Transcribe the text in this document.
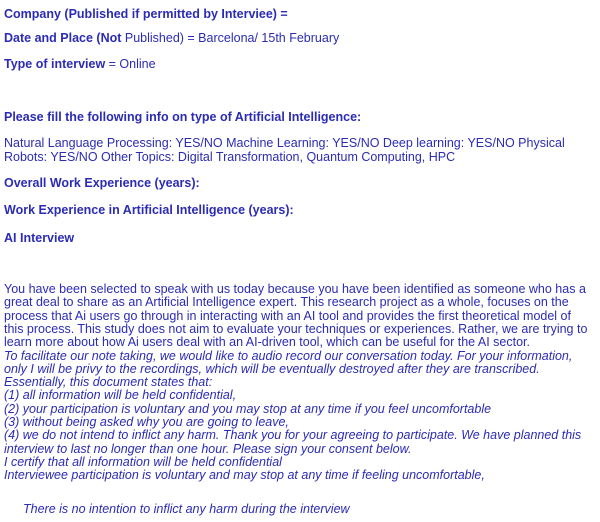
Company (Published if permitted by Interviee) =
Date and Place (Not Published) = Barcelona/ 15th February
Type of interview = Online
Please fill the following info on type of Artificial Intelligence:
Natural Language Processing: YES/NO Machine Learning: YES/NO Deep learning: YES/NO Physical
Robots: YES/NO Other Topics: Digital Transformation, Quantum Computing, HPC
Overall Work Experience (years):
Work Experience in Artificial Intelligence (years):
AI Interview
You have been selected to speak with us today because you have been identified as someone who has a
great deal to share as an Artificial Intelligence expert. This research project as a whole, focuses on the
process that Ai users go through in interacting with an AI tool and provides the first theoretical model of
this process. This study does not aim to evaluate your techniques or experiences. Rather, we are trying to
learn more about how Ai users deal with an AI-driven tool, which can be useful for the AI sector.
To facilitate our note taking, we would like to audio record our conversation today. For your information,
only I will be privy to the recordings, which will be eventually destroyed after they are transcribed.
Essentially, this document states that:
(1) all information will be held confidential,
(2) your participation is voluntary and you may stop at any time if you feel uncomfortable
(3) without being asked why you are going to leave,
(4) we do not intend to inflict any harm. Thank you for your agreeing to participate. We have planned this
interview to last no longer than one hour. Please sign your consent below.
I certify that all information will be held confidential
Interviewee participation is voluntary and may stop at any time if feeling uncomfortable,
There is no intention to inflict any harm during the interview
